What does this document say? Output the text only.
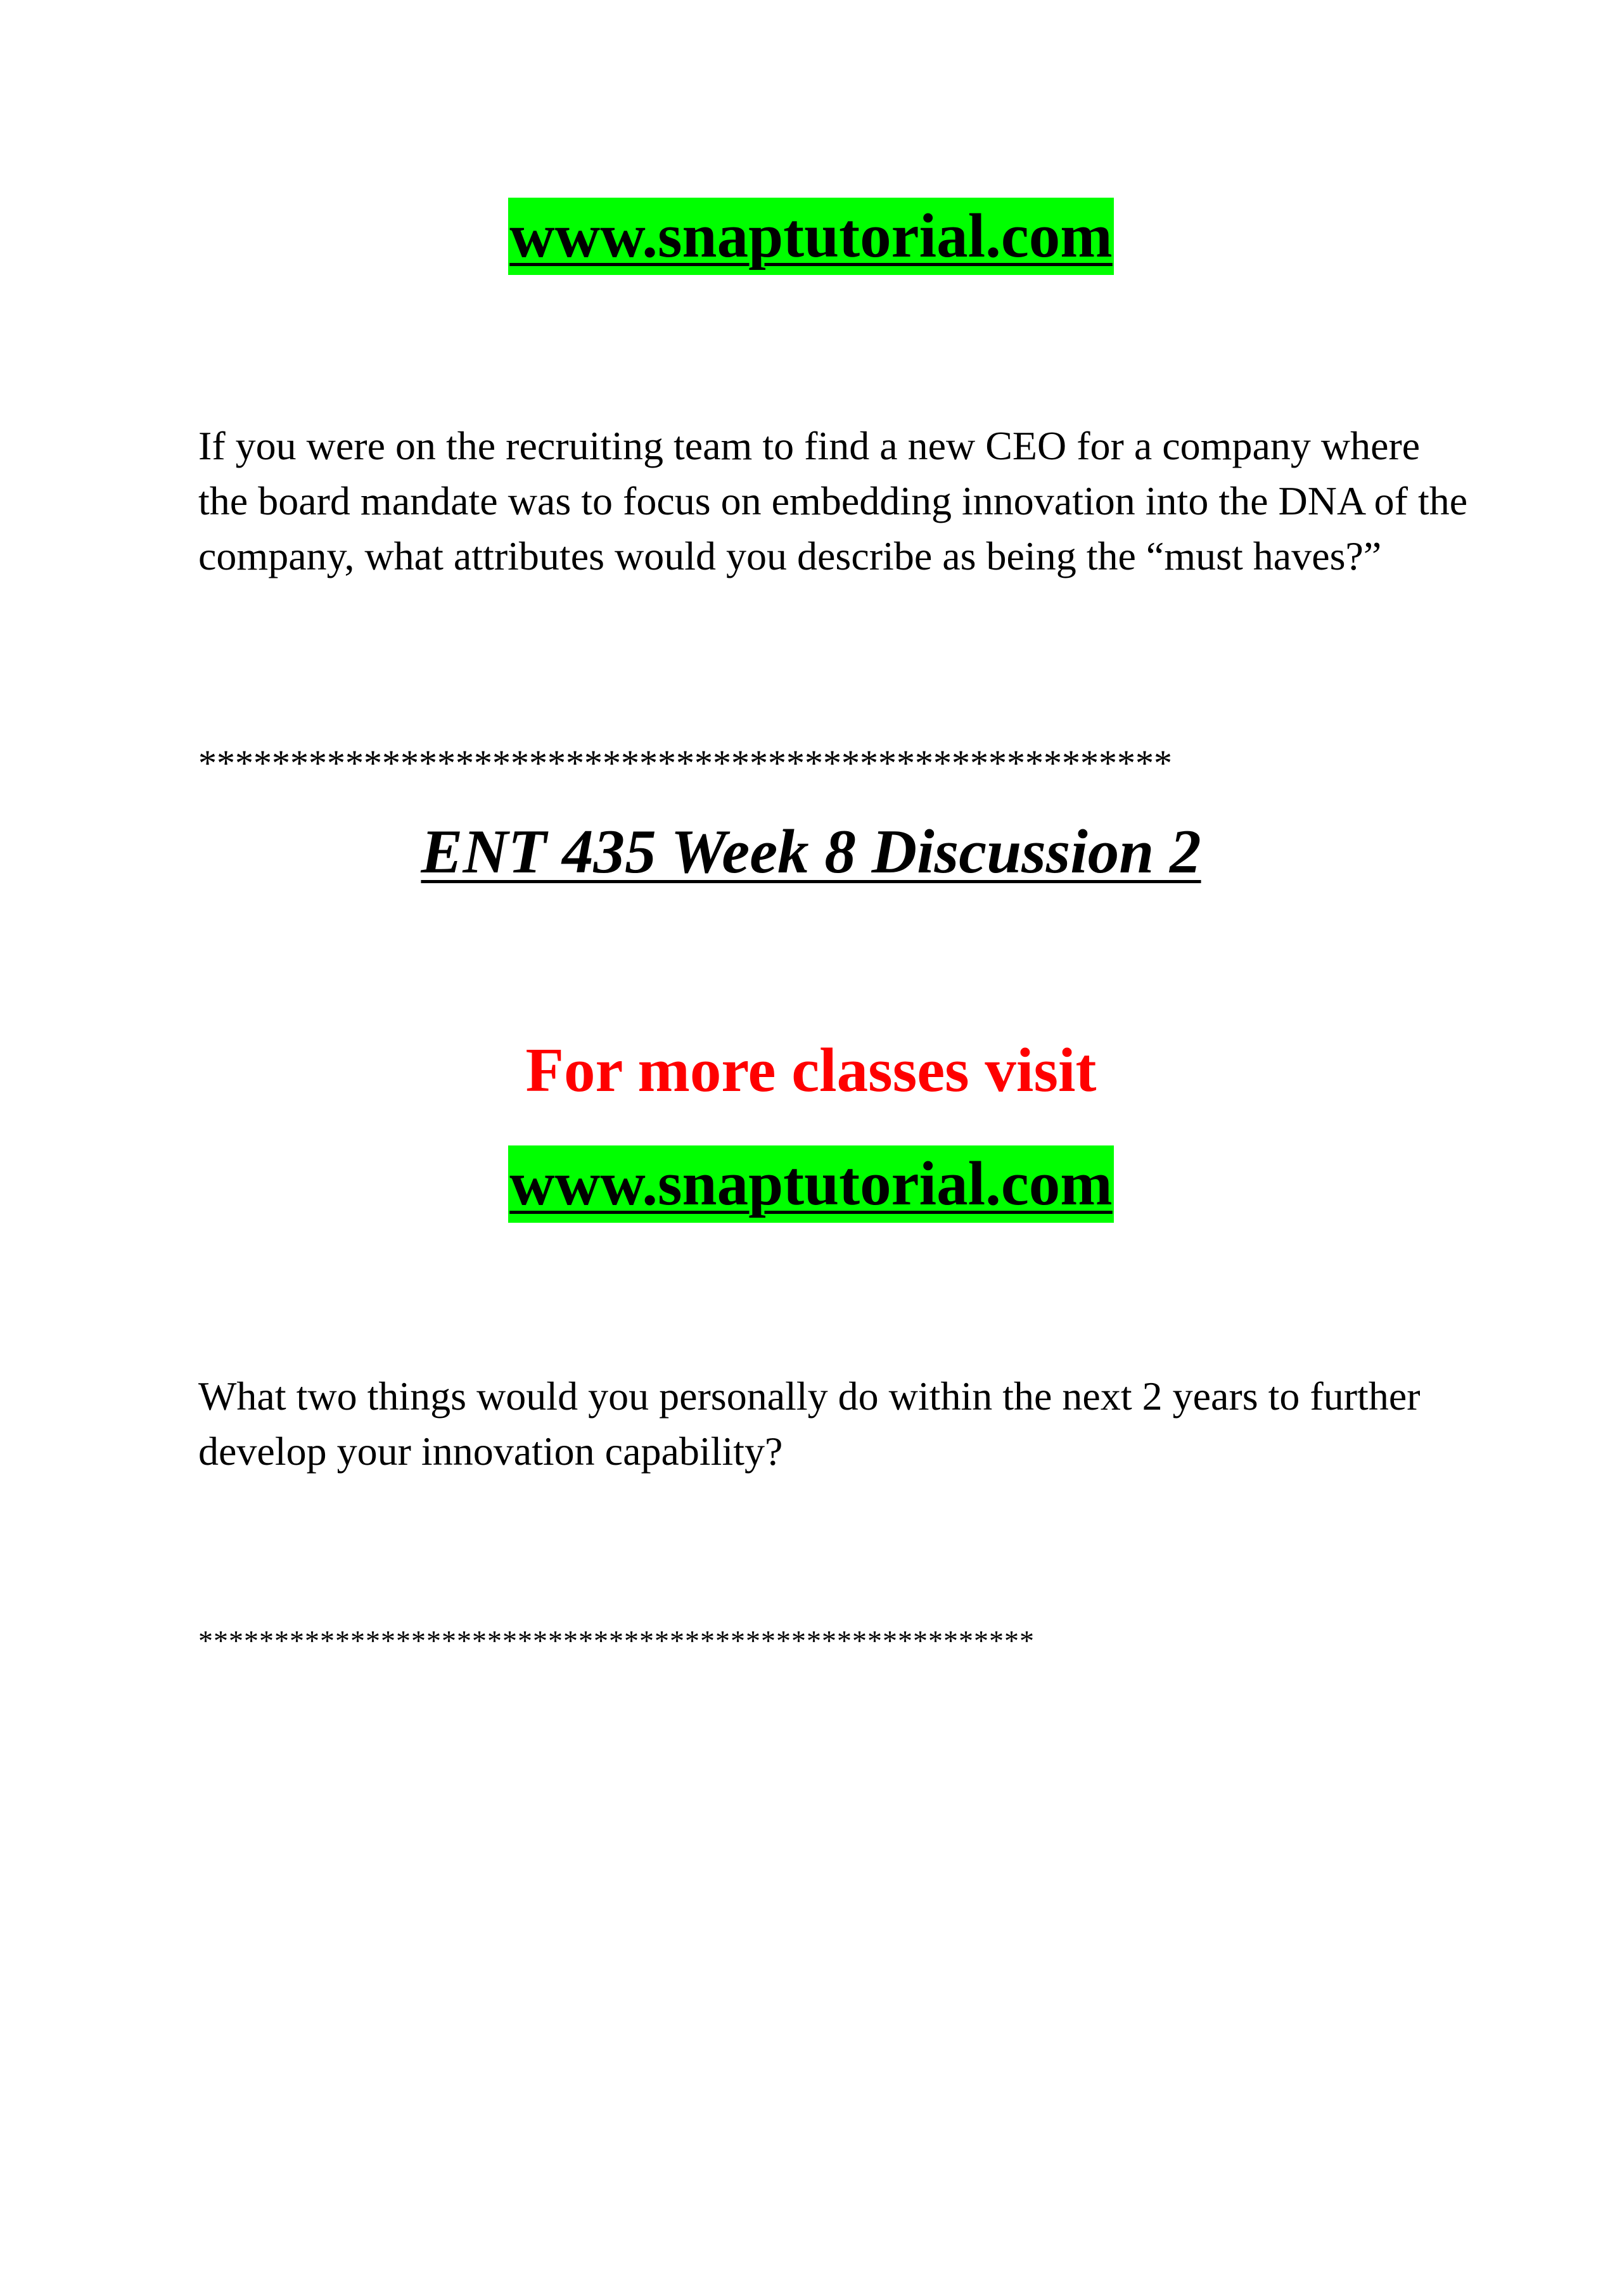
www.snaptutorial.com
If you were on the recruiting team to find a new CEO for a company where the board mandate was to focus on embedding innovation into the DNA of the company, what attributes would you describe as being the “must haves?”
*****************************************************
ENT 435 Week 8 Discussion 2
For more classes visit
www.snaptutorial.com
What two things would you personally do within the next 2 years to further develop your innovation capability?
*******************************************************
